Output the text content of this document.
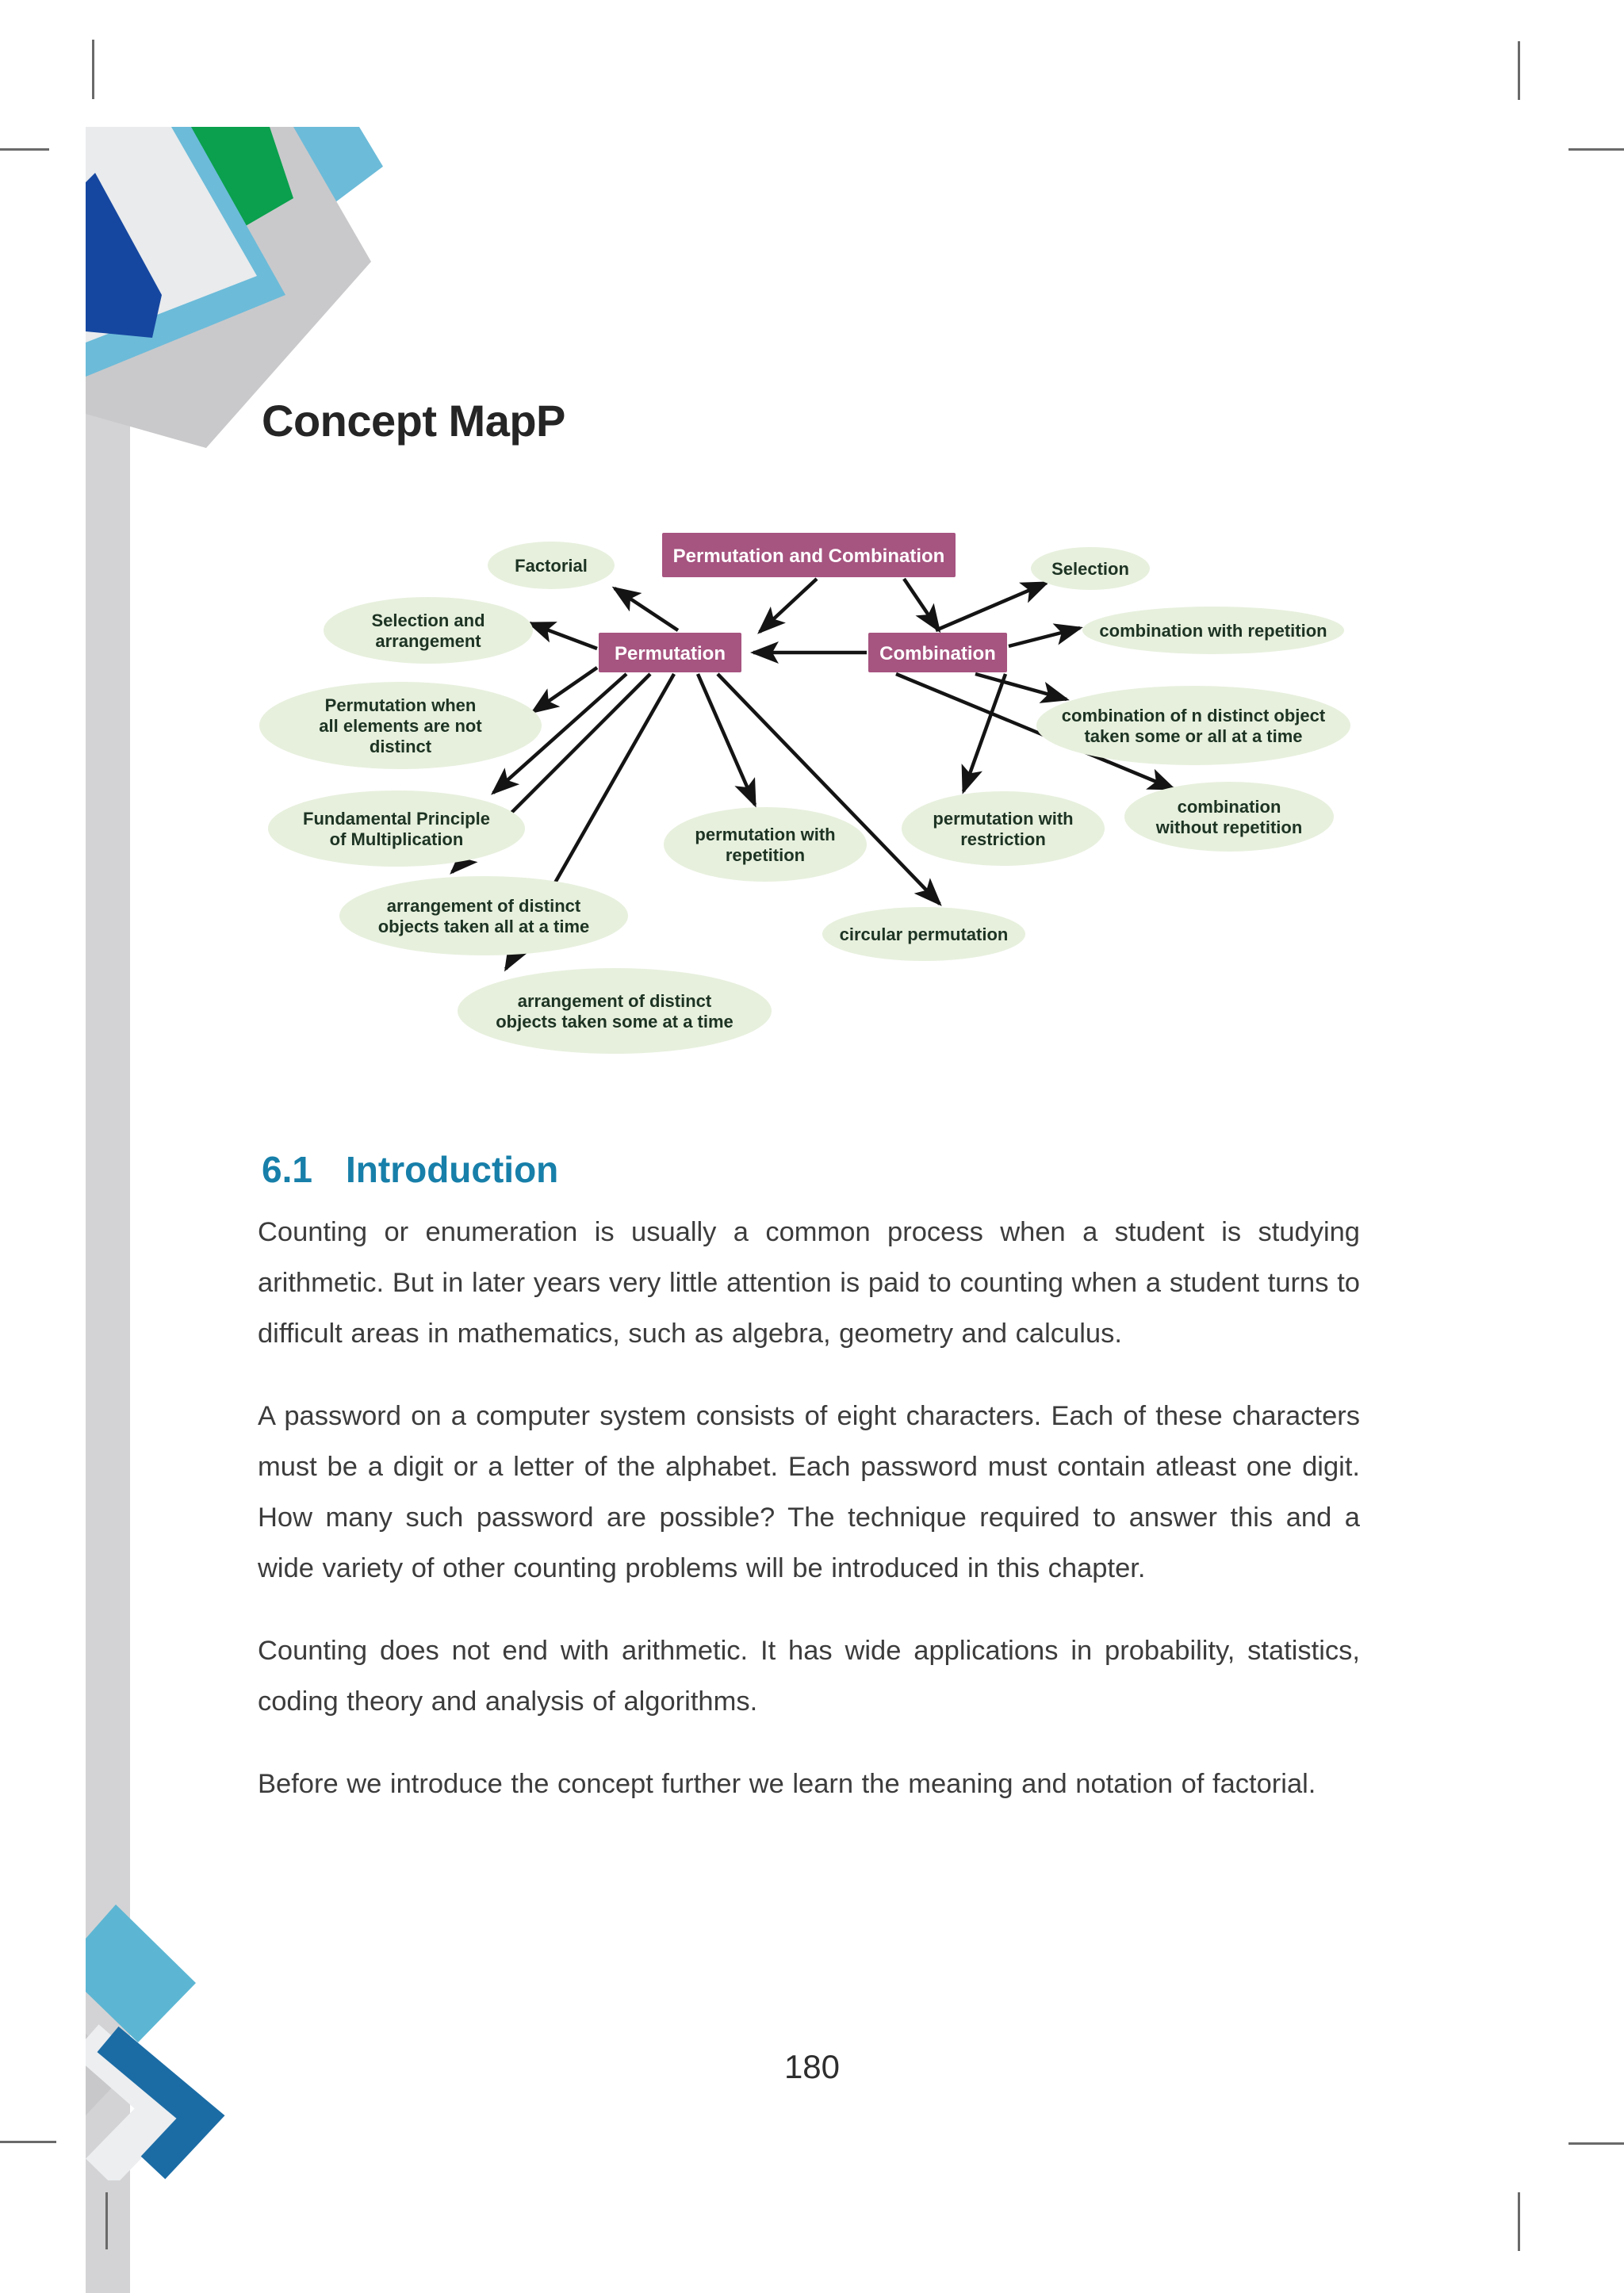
Concept MapP
Factorial	Selection
Selection and
arrangement
combination with repetition
Permutation when
all elements are not
distinct
combination of n distinct object
taken some or all at a time
Fundamental Principle
of Multiplication	permutation with
repetition
permutation with
restriction
combination
without repetition
arrangement of distinct
objects taken all at a time	circular permutation
arrangement of distinct
objects taken some at a time
Permutation and Combination
Permutation	Combination
6.1 Introduction

Counting or enumeration is usually a common process when a student is studying arithmetic. But in later years very little attention is paid to counting when a student turns to difficult areas in mathematics, such as algebra, geometry and calculus.

A password on a computer system consists of eight characters. Each of these characters must be a digit or a letter of the alphabet. Each password must contain atleast one digit. How many such password are possible? The technique required to answer this and a wide variety of other counting problems will be introduced in this chapter.

Counting does not end with arithmetic. It has wide applications in probability, statistics, coding theory and analysis of algorithms.

Before we introduce the concept further we learn the meaning and notation of factorial.

180
